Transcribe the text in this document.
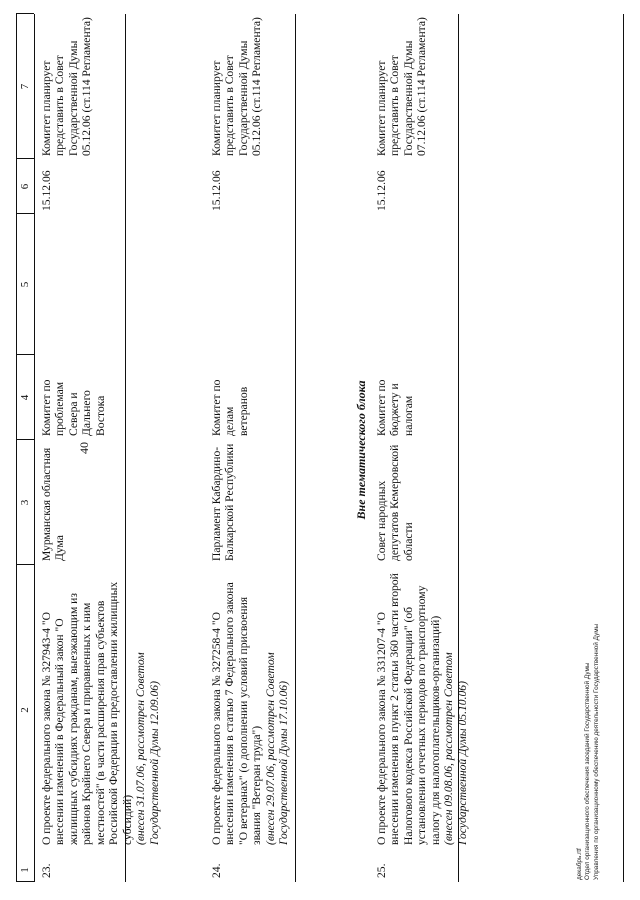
40
1
2
3
4
5
6
7
23.

О проекте федерального закона № 327943-4 "О внесении изменений в Федеральный закон "О жилищных субсидиях гражданам, выезжающим из районов Крайнего Севера и приравненных к ним местностей" (в части расширения прав субъектов Российской Федерации в предоставлении жилищных субсидий) (внесен 31.07.06, рассмотрен Советом Государственной Думы 12.09.06)

Мурманская областная Дума
Комитет по проблемам Севера и Дальнего Востока
15.12.06
Комитет планирует представить в Совет Государственной Думы 05.12.06 (ст.114 Регламента)
24.

О проекте федерального закона № 327258-4 "О внесении изменения в статью 7 Федерального закона "О ветеранах" (о дополнении условий присвоения звания "Ветеран труда") (внесен 29.07.06, рассмотрен Советом Государственной Думы 17.10.06)

Парламент Кабардино-Балкарской Республики
Комитет по делам ветеранов
15.12.06
Комитет планирует представить в Совет Государственной Думы 05.12.06 (ст.114 Регламента)
Вне тематического блока
25.

О проекте федерального закона № 331207-4 "О внесении изменения в пункт 2 статьи 360 части второй Налогового кодекса Российской Федерации" (об установлении отчетных периодов по транспортному налогу для налогоплательщиков-организаций) (внесен 09.08.06, рассмотрен Советом Государственной Думы 05.10.06)

Совет народных депутатов Кемеровской области
Комитет по бюджету и налогам
15.12.06
Комитет планирует представить в Совет Государственной Думы 07.12.06 (ст.114 Регламента)
декабрь.rtf Отдел организационного обеспечения заседаний Государственной Думы Управления по организационному обеспечению деятельности Государственной Думы
